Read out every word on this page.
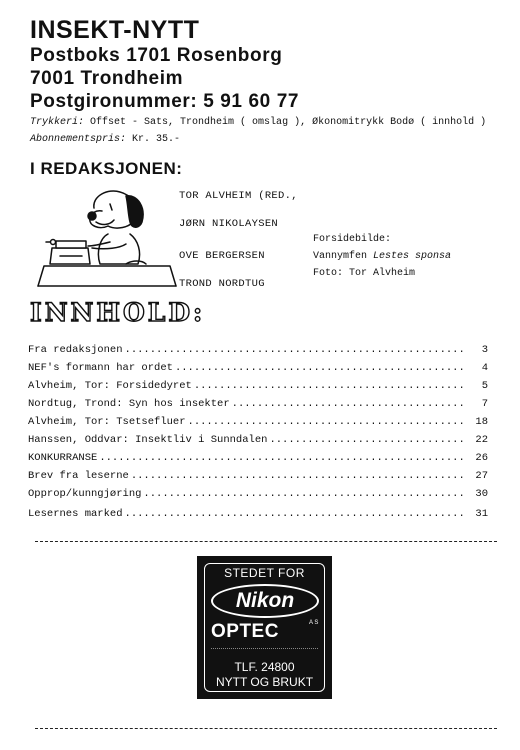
INSEKT-NYTT
Postboks 1701 Rosenborg
7001 Trondheim
Postgironummer: 5 91 60 77
Trykkeri: Offset - Sats, Trondheim ( omslag ), Økonomitrykk Bodø ( innhold )
Abonnementspris: Kr. 35.-
I REDAKSJONEN:
TOR ALVHEIM (RED.,
JØRN NIKOLAYSEN
OVE BERGERSEN
TROND NORDTUG
Forsidebilde:
Vannymfen Lestes sponsa
Foto: Tor Alvheim
INNHOLD:
Fra redaksjonen .....	3
NEF's formann har ordet .....	4
Alvheim, Tor: Forsidedyret .....	5
Nordtug, Trond: Syn hos insekter .....	7
Alvheim, Tor: Tsetsefluer .....	18
Hanssen, Oddvar: Insektliv i Sunndalen .....	22
KONKURRANSE .....	26
Brev fra leserne .....	27
Opprop/kunngjøring .....	30
Lesernes marked .....	31
STEDET FOR
Nikon
OPTEC	A S
TLF. 24800
NYTT OG BRUKT
